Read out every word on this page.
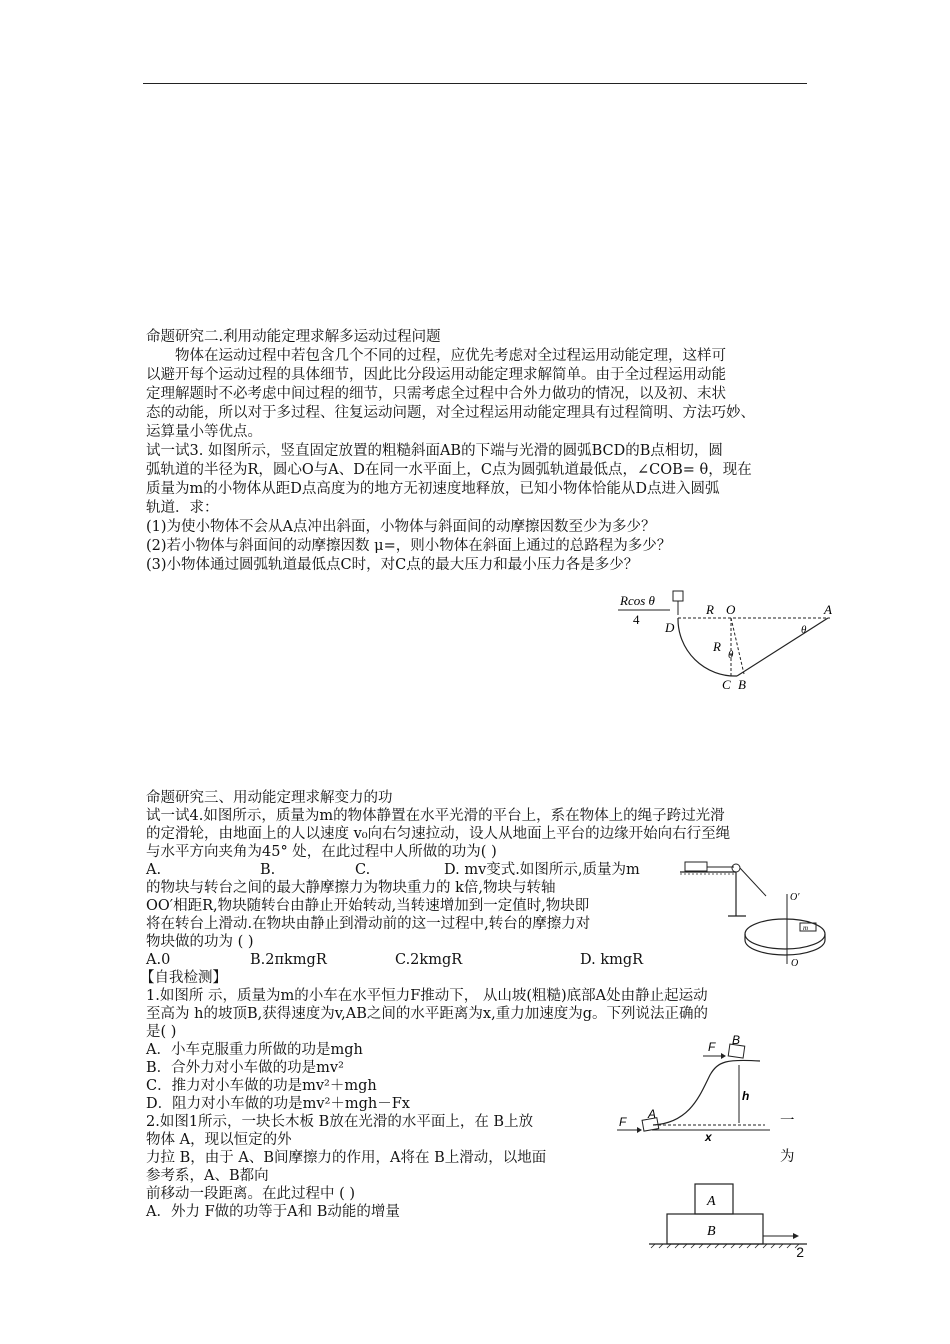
命题研究二.利用动能定理求解多运动过程问题
物体在运动过程中若包含几个不同的过程，应优先考虑对全过程运用动能定理，这样可
以避开每个运动过程的具体细节，因此比分段运用动能定理求解简单。由于全过程运用动能
定理解题时不必考虑中间过程的细节，只需考虑全过程中合外力做功的情况，以及初、末状
态的动能，所以对于多过程、往复运动问题，对全过程运用动能定理具有过程简明、方法巧妙、
运算量小等优点。
试一试3. 如图所示，竖直固定放置的粗糙斜面AB的下端与光滑的圆弧BCD的B点相切，圆
弧轨道的半径为R，圆心O与A、D在同一水平面上，C点为圆弧轨道最低点，∠COB= θ，现在
质量为m的小物体从距D点高度为的地方无初速度地释放，已知小物体恰能从D点进入圆弧
轨道．求：
(1)为使小物体不会从A点冲出斜面，小物体与斜面间的动摩擦因数至少为多少？
(2)若小物体与斜面间的动摩擦因数 μ=，则小物体在斜面上通过的总路程为多少？
(3)小物体通过圆弧轨道最低点C时，对C点的最大压力和最小压力各是多少？
Rcos θ
4
R O	A
D	θ
R
θ
C B
命题研究三、用动能定理求解变力的功
试一试4.如图所示，质量为m的物体静置在水平光滑的平台上，系在物体上的绳子跨过光滑
的定滑轮，由地面上的人以速度 v₀向右匀速拉动，设人从地面上平台的边缘开始向右行至绳
与水平方向夹角为45° 处，在此过程中人所做的功为( )
A.	B.	C.	D. mv变式.如图所示,质量为m
的物块与转台之间的最大静摩擦力为物块重力的 k倍,物块与转轴
OO′相距R,物块随转台由静止开始转动,当转速增加到一定值时,物块即
将在转台上滑动.在物块由静止到滑动前的这一过程中,转台的摩擦力对
物块做的功为 ( )
A.0	B.2πkmgR	C.2kmgR	D. kmgR
O′
m
O
【自我检测】
1.如图所 示，质量为m的小车在水平恒力F推动下， 从山坡(粗糙)底部A处由静止起运动
至高为 h的坡顶B,获得速度为v,AB之间的水平距离为x,重力加速度为g。下列说法正确的
是( )
A．小车克服重力所做的功是mgh
B．合外力对小车做的功是mv²
C．推力对小车做的功是mv²＋mgh
D．阻力对小车做的功是mv²＋mgh－Fx
F B
h
F
A
x
2.如图1所示，一块长木板 B放在光滑的水平面上，在 B上放
物体 A，现以恒定的外
力拉 B，由于 A、B间摩擦力的作用，A将在 B上滑动，以地面
参考系，A、B都向
前移动一段距离。在此过程中 ( )
A．外力 F做的功等于A和 B动能的增量
一
为
A
B
2
